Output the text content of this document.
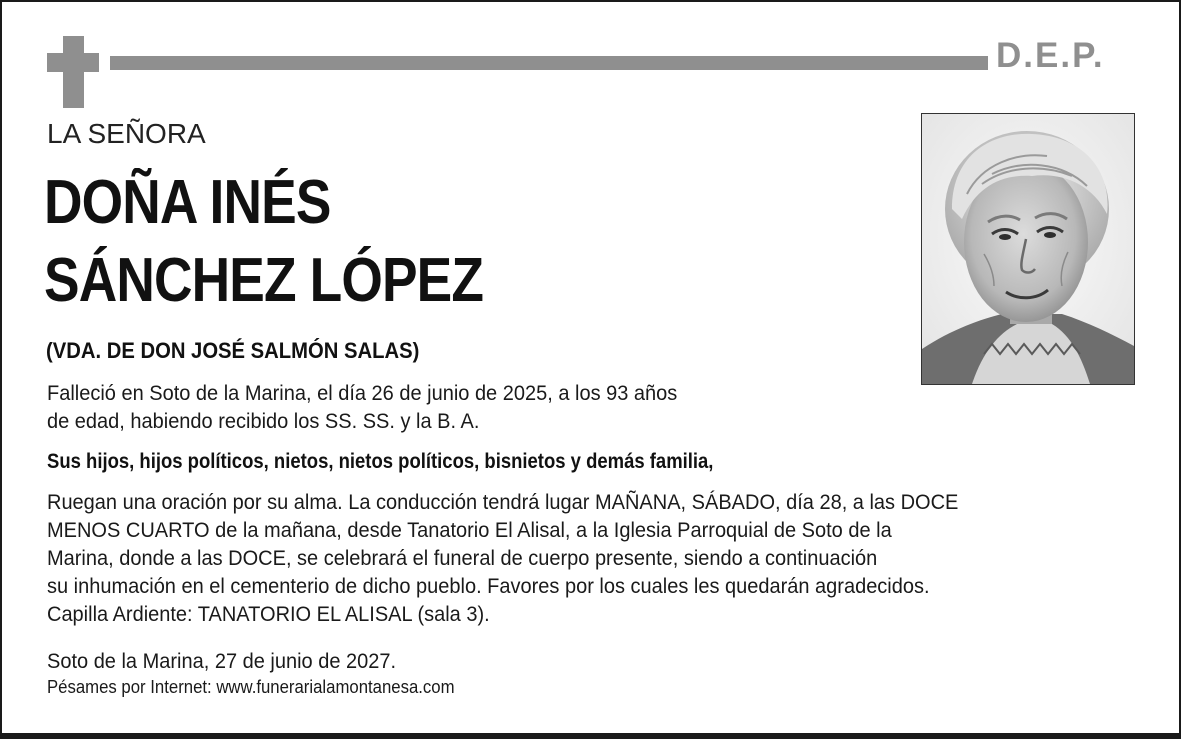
D.E.P.
LA SEÑORA
DOÑA INÉS
SÁNCHEZ LÓPEZ
(VDA. DE DON JOSÉ SALMÓN SALAS)
Falleció en Soto de la Marina, el día 26 de junio de 2025, a los 93 años
de edad, habiendo recibido los SS. SS. y la B. A.
Sus hijos, hijos políticos, nietos, nietos políticos, bisnietos y demás familia,
Ruegan una oración por su alma. La conducción tendrá lugar MAÑANA, SÁBADO, día 28, a las DOCE
MENOS CUARTO de la mañana, desde Tanatorio El Alisal, a la Iglesia Parroquial de Soto de la
Marina, donde a las DOCE, se celebrará el funeral de cuerpo presente, siendo a continuación
su inhumación en el cementerio de dicho pueblo. Favores por los cuales les quedarán agradecidos.
Capilla Ardiente: TANATORIO EL ALISAL (sala 3).
Soto de la Marina, 27 de junio de 2027.
Pésames por Internet: www.funerarialamontanesa.com
